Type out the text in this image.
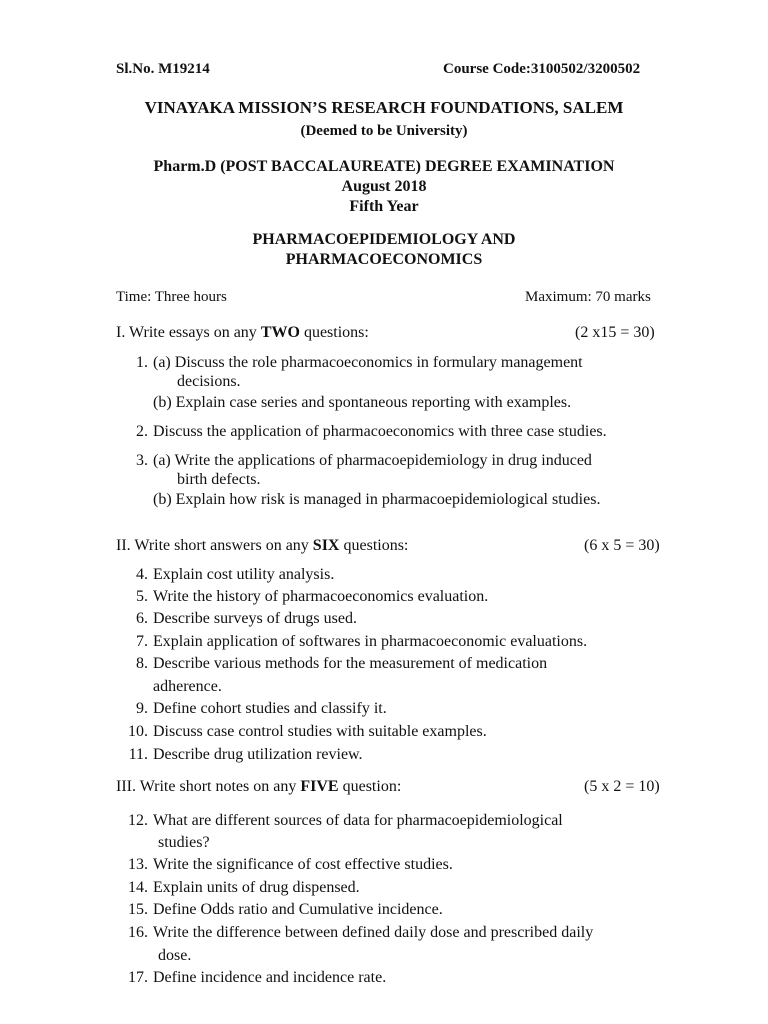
Sl.No. M19214	Course Code:3100502/3200502
VINAYAKA MISSION’S RESEARCH FOUNDATIONS, SALEM
(Deemed to be University)
Pharm.D (POST BACCALAUREATE) DEGREE EXAMINATION
August 2018
Fifth Year
PHARMACOEPIDEMIOLOGY AND
PHARMACOECONOMICS
Time: Three hours	Maximum: 70 marks
I. Write essays on any TWO questions:	(2 x15 = 30)
1. (a) Discuss the role pharmacoeconomics in formulary management
decisions.
(b) Explain case series and spontaneous reporting with examples.
2. Discuss the application of pharmacoeconomics with three case studies.
3. (a) Write the applications of pharmacoepidemiology in drug induced
birth defects.
(b) Explain how risk is managed in pharmacoepidemiological studies.
II. Write short answers on any SIX questions:	(6 x 5 = 30)
4. Explain cost utility analysis.
5. Write the history of pharmacoeconomics evaluation.
6. Describe surveys of drugs used.
7. Explain application of softwares in pharmacoeconomic evaluations.
8. Describe various methods for the measurement of medication
adherence.
9. Define cohort studies and classify it.
10. Discuss case control studies with suitable examples.
11. Describe drug utilization review.
III. Write short notes on any FIVE question:	(5 x 2 = 10)
12. What are different sources of data for pharmacoepidemiological
studies?
13. Write the significance of cost effective studies.
14. Explain units of drug dispensed.
15. Define Odds ratio and Cumulative incidence.
16. Write the difference between defined daily dose and prescribed daily
dose.
17. Define incidence and incidence rate.
